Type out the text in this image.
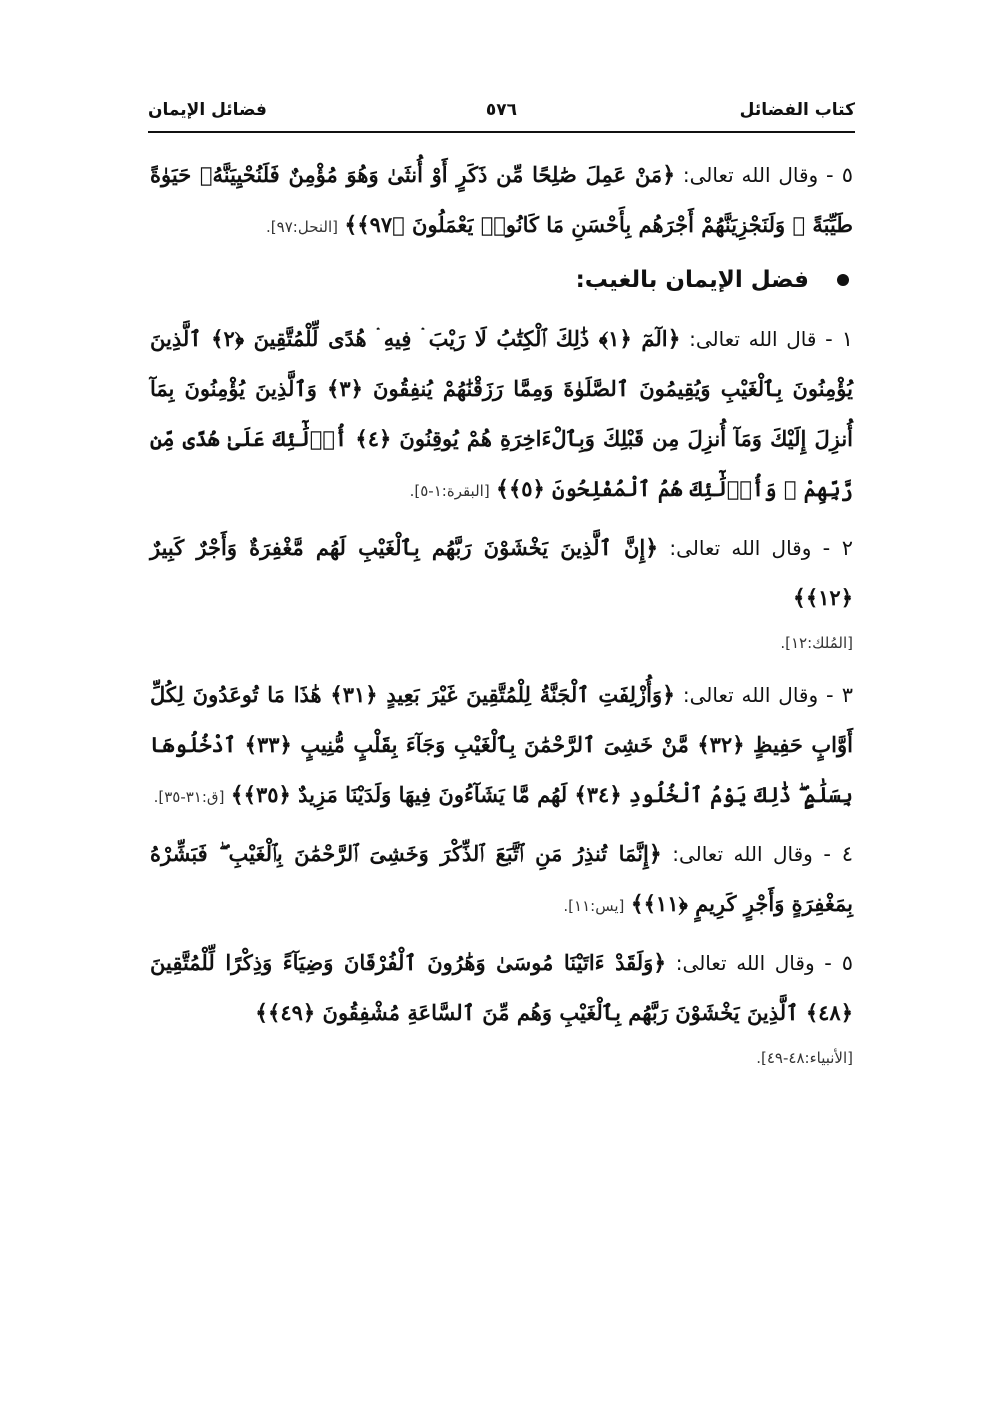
كتاب الفضائل
٥٧٦
فضائل الإيمان

٥ - وقال الله تعالى: ﴿مَنْ عَمِلَ صَٰلِحًا مِّن ذَكَرٍ أَوْ أُنثَىٰ وَهُوَ مُؤْمِنٌ فَلَنُحْيِيَنَّهُۥ حَيَوٰةً طَيِّبَةً ۖ وَلَنَجْزِيَنَّهُمْ أَجْرَهُم بِأَحْسَنِ مَا كَانُوا۟ يَعْمَلُونَ ﴿٩٧﴾﴾ [النحل:٩٧].

فضل الإيمان بالغيب:

١ - قال الله تعالى: ﴿الٓمٓ ﴿١﴾ ذَٰلِكَ ٱلْكِتَٰبُ لَا رَيْبَ ۛ فِيهِ ۛ هُدًى لِّلْمُتَّقِينَ ﴿٢﴾ ٱلَّذِينَ يُؤْمِنُونَ بِٱلْغَيْبِ وَيُقِيمُونَ ٱلصَّلَوٰةَ وَمِمَّا رَزَقْنَٰهُمْ يُنفِقُونَ ﴿٣﴾ وَٱلَّذِينَ يُؤْمِنُونَ بِمَآ أُنزِلَ إِلَيْكَ وَمَآ أُنزِلَ مِن قَبْلِكَ وَبِٱلْءَاخِرَةِ هُمْ يُوقِنُونَ ﴿٤﴾ أُو۟لَٰٓئِكَ عَلَىٰ هُدًى مِّن رَّبِّهِمْ ۖ وَأُو۟لَٰٓئِكَ هُمُ ٱلْمُفْلِحُونَ ﴿٥﴾﴾ [البقرة:١-٥].

٢ - وقال الله تعالى: ﴿إِنَّ ٱلَّذِينَ يَخْشَوْنَ رَبَّهُم بِٱلْغَيْبِ لَهُم مَّغْفِرَةٌ وَأَجْرٌ كَبِيرٌ ﴿١٢﴾﴾
[المُلك:١٢].

٣ - وقال الله تعالى: ﴿وَأُزْلِفَتِ ٱلْجَنَّةُ لِلْمُتَّقِينَ غَيْرَ بَعِيدٍ ﴿٣١﴾ هَٰذَا مَا تُوعَدُونَ لِكُلِّ أَوَّابٍ حَفِيظٍ ﴿٣٢﴾ مَّنْ خَشِىَ ٱلرَّحْمَٰنَ بِٱلْغَيْبِ وَجَآءَ بِقَلْبٍ مُّنِيبٍ ﴿٣٣﴾ ٱدْخُلُوهَا بِسَلَٰمٍ ۖ ذَٰلِكَ يَوْمُ ٱلْخُلُودِ ﴿٣٤﴾ لَهُم مَّا يَشَآءُونَ فِيهَا وَلَدَيْنَا مَزِيدٌ ﴿٣٥﴾﴾ [ق:٣١-٣٥].

٤ - وقال الله تعالى: ﴿إِنَّمَا تُنذِرُ مَنِ ٱتَّبَعَ ٱلذِّكْرَ وَخَشِىَ ٱلرَّحْمَٰنَ بِٱلْغَيْبِ ۖ فَبَشِّرْهُ بِمَغْفِرَةٍ وَأَجْرٍ كَرِيمٍ ﴿١١﴾﴾ [يس:١١].

٥ - وقال الله تعالى: ﴿وَلَقَدْ ءَاتَيْنَا مُوسَىٰ وَهَٰرُونَ ٱلْفُرْقَانَ وَضِيَآءً وَذِكْرًا لِّلْمُتَّقِينَ ﴿٤٨﴾ ٱلَّذِينَ يَخْشَوْنَ رَبَّهُم بِٱلْغَيْبِ وَهُم مِّنَ ٱلسَّاعَةِ مُشْفِقُونَ ﴿٤٩﴾﴾
[الأنبياء:٤٨-٤٩].
